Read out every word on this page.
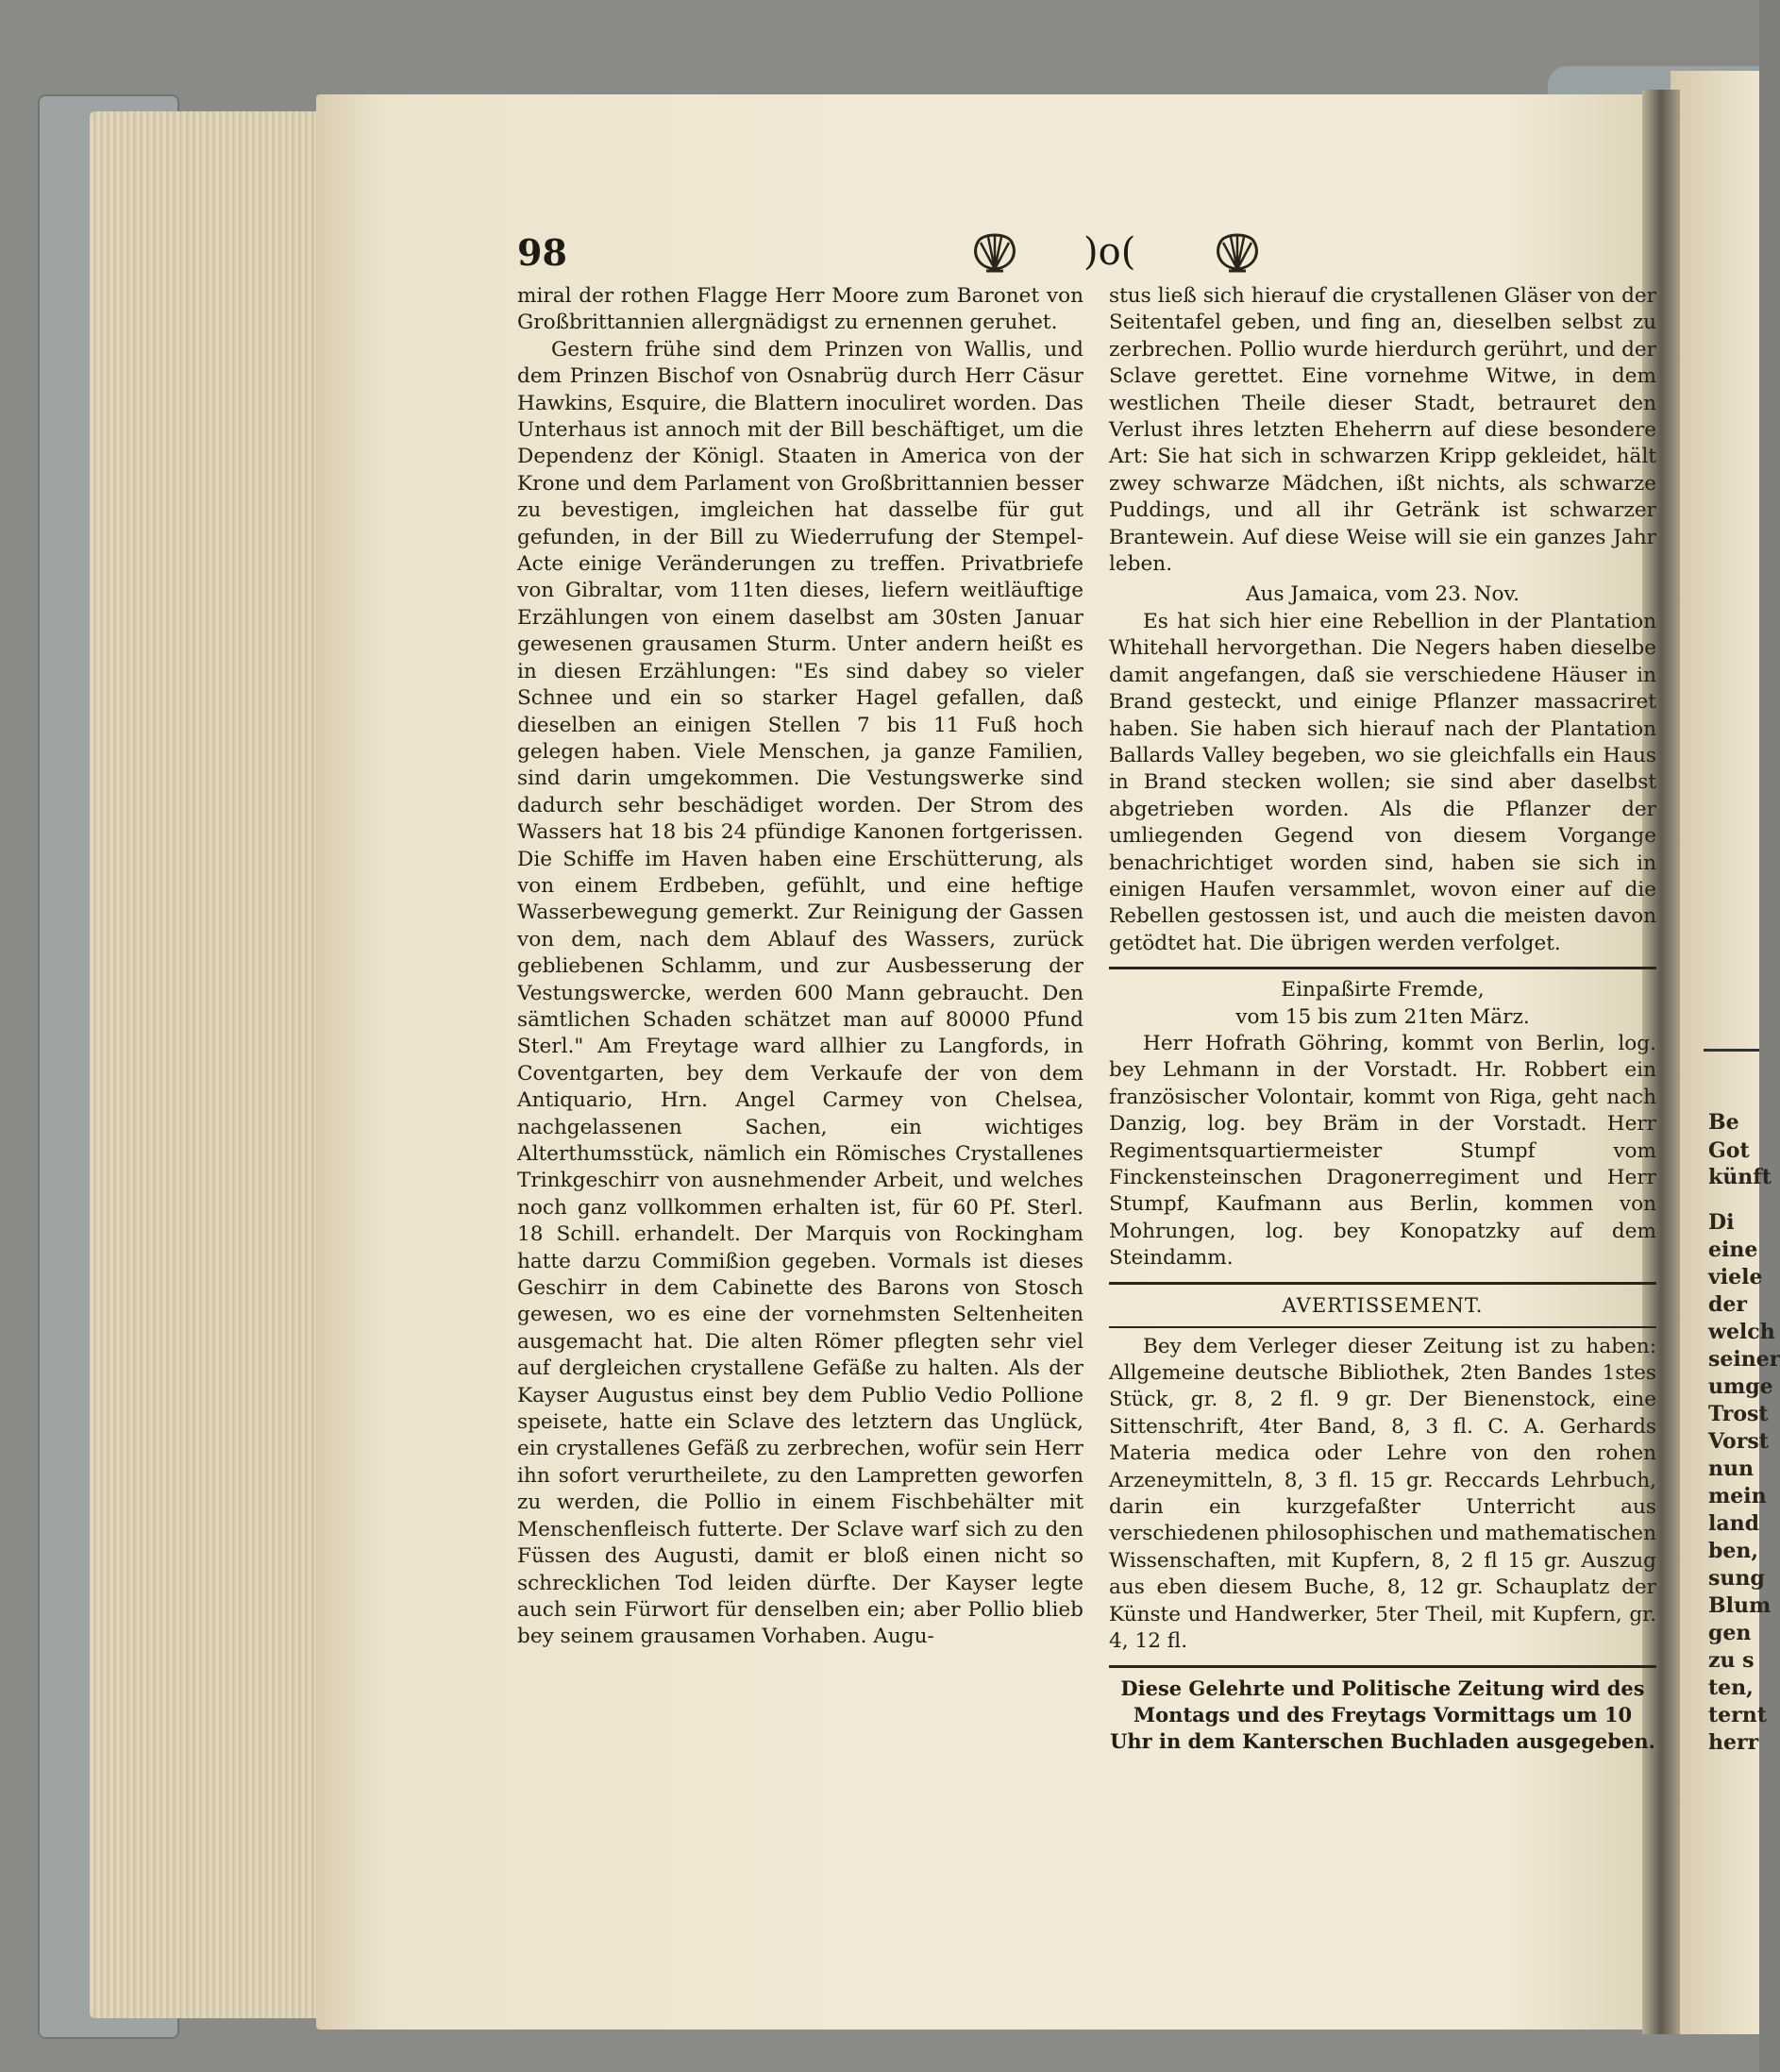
98	)o(

miral der rothen Flagge Herr Moore zum Baronet von Großbrittannien allergnädigst zu ernennen geruhet.

Gestern frühe sind dem Prinzen von Wallis, und dem Prinzen Bischof von Osnabrüg durch Herr Cäsur Hawkins, Esquire, die Blattern inoculiret worden. Das Unterhaus ist annoch mit der Bill beschäftiget, um die Dependenz der Königl. Staaten in America von der Krone und dem Parlament von Großbrittannien besser zu bevestigen, imgleichen hat dasselbe für gut gefunden, in der Bill zu Wiederrufung der Stempel-Acte einige Veränderungen zu treffen. Privatbriefe von Gibraltar, vom 11ten dieses, liefern weitläuftige Erzählungen von einem daselbst am 30sten Januar gewesenen grausamen Sturm. Unter andern heißt es in diesen Erzählungen: "Es sind dabey so vieler Schnee und ein so starker Hagel gefallen, daß dieselben an einigen Stellen 7 bis 11 Fuß hoch gelegen haben. Viele Menschen, ja ganze Familien, sind darin umgekommen. Die Vestungswerke sind dadurch sehr beschädiget worden. Der Strom des Wassers hat 18 bis 24 pfündige Kanonen fortgerissen. Die Schiffe im Haven haben eine Erschütterung, als von einem Erdbeben, gefühlt, und eine heftige Wasserbewegung gemerkt. Zur Reinigung der Gassen von dem, nach dem Ablauf des Wassers, zurück gebliebenen Schlamm, und zur Ausbesserung der Vestungswercke, werden 600 Mann gebraucht. Den sämtlichen Schaden schätzet man auf 80000 Pfund Sterl." Am Freytage ward allhier zu Langfords, in Coventgarten, bey dem Verkaufe der von dem Antiquario, Hrn. Angel Carmey von Chelsea, nachgelassenen Sachen, ein wichtiges Alterthumsstück, nämlich ein Römisches Crystallenes Trinkgeschirr von ausnehmender Arbeit, und welches noch ganz vollkommen erhalten ist, für 60 Pf. Sterl. 18 Schill. erhandelt. Der Marquis von Rockingham hatte darzu Commißion gegeben. Vormals ist dieses Geschirr in dem Cabinette des Barons von Stosch gewesen, wo es eine der vornehmsten Seltenheiten ausgemacht hat. Die alten Römer pflegten sehr viel auf dergleichen crystallene Gefäße zu halten. Als der Kayser Augustus einst bey dem Publio Vedio Pollione speisete, hatte ein Sclave des letztern das Unglück, ein crystallenes Gefäß zu zerbrechen, wofür sein Herr ihn sofort verurtheilete, zu den Lampretten geworfen zu werden, die Pollio in einem Fischbehälter mit Menschenfleisch futterte. Der Sclave warf sich zu den Füssen des Augusti, damit er bloß einen nicht so schrecklichen Tod leiden dürfte. Der Kayser legte auch sein Fürwort für denselben ein; aber Pollio blieb bey seinem grausamen Vorhaben. Augu-

stus ließ sich hierauf die crystallenen Gläser von der Seitentafel geben, und fing an, dieselben selbst zu zerbrechen. Pollio wurde hierdurch gerührt, und der Sclave gerettet. Eine vornehme Witwe, in dem westlichen Theile dieser Stadt, betrauret den Verlust ihres letzten Eheherrn auf diese besondere Art: Sie hat sich in schwarzen Kripp gekleidet, hält zwey schwarze Mädchen, ißt nichts, als schwarze Puddings, und all ihr Getränk ist schwarzer Brantewein. Auf diese Weise will sie ein ganzes Jahr leben.

Aus Jamaica, vom 23. Nov.

Es hat sich hier eine Rebellion in der Plantation Whitehall hervorgethan. Die Negers haben dieselbe damit angefangen, daß sie verschiedene Häuser in Brand gesteckt, und einige Pflanzer massacriret haben. Sie haben sich hierauf nach der Plantation Ballards Valley begeben, wo sie gleichfalls ein Haus in Brand stecken wollen; sie sind aber daselbst abgetrieben worden. Als die Pflanzer der umliegenden Gegend von diesem Vorgange benachrichtiget worden sind, haben sie sich in einigen Haufen versammlet, wovon einer auf die Rebellen gestossen ist, und auch die meisten davon getödtet hat. Die übrigen werden verfolget.

Einpaßirte Fremde,

vom 15 bis zum 21ten März.

Herr Hofrath Göhring, kommt von Berlin, log. bey Lehmann in der Vorstadt. Hr. Robbert ein französischer Volontair, kommt von Riga, geht nach Danzig, log. bey Bräm in der Vorstadt. Herr Regimentsquartiermeister Stumpf vom Finckensteinschen Dragonerregiment und Herr Stumpf, Kaufmann aus Berlin, kommen von Mohrungen, log. bey Konopatzky auf dem Steindamm.

AVERTISSEMENT.

Bey dem Verleger dieser Zeitung ist zu haben: Allgemeine deutsche Bibliothek, 2ten Bandes 1stes Stück, gr. 8, 2 fl. 9 gr. Der Bienenstock, eine Sittenschrift, 4ter Band, 8, 3 fl. C. A. Gerhards Materia medica oder Lehre von den rohen Arzeneymitteln, 8, 3 fl. 15 gr. Reccards Lehrbuch, darin ein kurzgefaßter Unterricht aus verschiedenen philosophischen und mathematischen Wissenschaften, mit Kupfern, 8, 2 fl 15 gr. Auszug aus eben diesem Buche, 8, 12 gr. Schauplatz der Künste und Handwerker, 5ter Theil, mit Kupfern, gr. 4, 12 fl.

Diese Gelehrte und Politische Zeitung wird des Montags und des Freytags Vormittags um 10 Uhr in dem Kanterschen Buchladen ausgegeben.

Be
Got
künft
Di
eine
viele
der
welch
seiner
umge
Trost
Vorst
nun
mein
land
ben,
sung
Blum
gen
zu s
ten,
ternt
herr
